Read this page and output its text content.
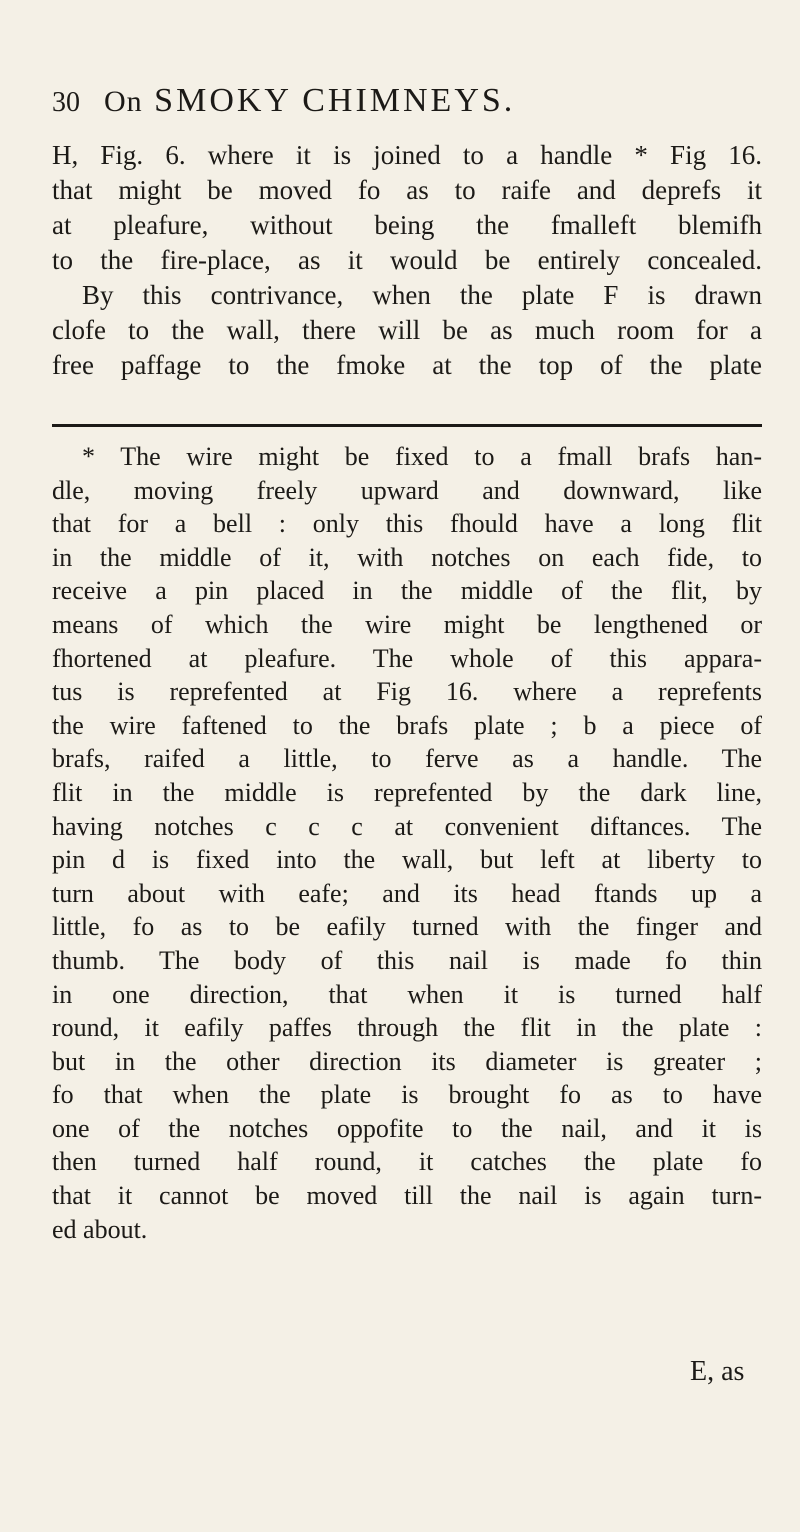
30 On SMOKY CHIMNEYS.
H, Fig. 6. where it is joined to a handle * Fig 16.
that might be moved fo as to raife and deprefs it
at pleafure, without being the fmalleft blemifh
to the fire-place, as it would be entirely concealed.
By this contrivance, when the plate F is drawn
clofe to the wall, there will be as much room for a
free paffage to the fmoke at the top of the plate
* The wire might be fixed to a fmall brafs han-
dle, moving freely upward and downward, like
that for a bell : only this fhould have a long flit
in the middle of it, with notches on each fide, to
receive a pin placed in the middle of the flit, by
means of which the wire might be lengthened or
fhortened at pleafure. The whole of this appara-
tus is reprefented at Fig 16. where a reprefents
the wire faftened to the brafs plate ; b a piece of
brafs, raifed a little, to ferve as a handle. The
flit in the middle is reprefented by the dark line,
having notches c c c at convenient diftances. The
pin d is fixed into the wall, but left at liberty to
turn about with eafe; and its head ftands up a
little, fo as to be eafily turned with the finger and
thumb. The body of this nail is made fo thin
in one direction, that when it is turned half
round, it eafily paffes through the flit in the plate :
but in the other direction its diameter is greater ;
fo that when the plate is brought fo as to have
one of the notches oppofite to the nail, and it is
then turned half round, it catches the plate fo
that it cannot be moved till the nail is again turn-
ed about.
E, as
